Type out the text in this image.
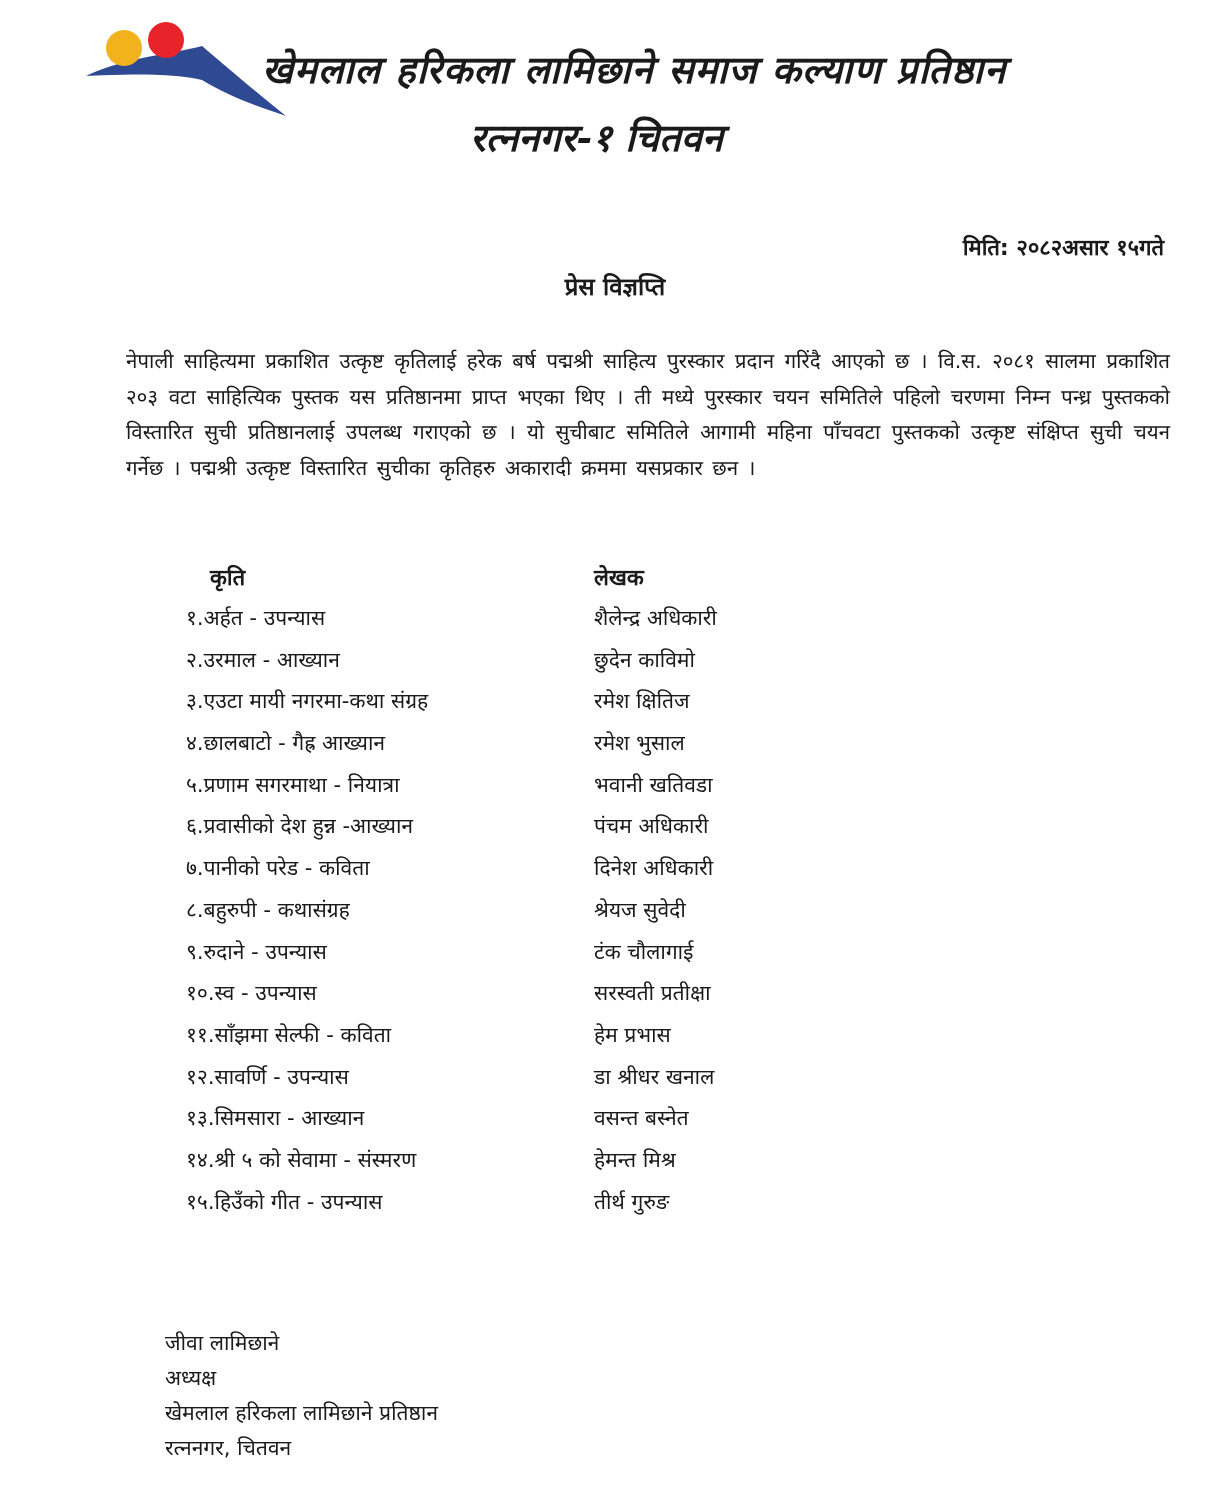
खेमलाल हरिकला लामिछाने समाज कल्याण प्रतिष्ठान
रत्ननगर-१ चितवन
मिति: २०८२असार १५गते
प्रेस विज्ञप्ति
नेपाली साहित्यमा प्रकाशित उत्कृष्ट कृतिलाई हरेक बर्ष पद्मश्री साहित्य पुरस्कार प्रदान गरिंदै आएको छ । वि.स. २०८१ सालमा प्रकाशित २०३ वटा साहित्यिक पुस्तक यस प्रतिष्ठानमा प्राप्त भएका थिए । ती मध्ये पुरस्कार चयन समितिले पहिलो चरणमा निम्न पन्ध्र पुस्तकको विस्तारित सुची प्रतिष्ठानलाई उपलब्ध गराएको छ । यो सुचीबाट समितिले आगामी महिना पाँचवटा पुस्तकको उत्कृष्ट संक्षिप्त सुची चयन गर्नेछ । पद्मश्री उत्कृष्ट विस्तारित सुचीका कृतिहरु अकारादी क्रममा यसप्रकार छन ।
कृति	लेखक
१.अर्हत - उपन्यास	शैलेन्द्र अधिकारी
२.उरमाल - आख्यान	छुदेन काविमो
३.एउटा मायी नगरमा-कथा संग्रह	रमेश क्षितिज
४.छालबाटो - गैह्र आख्यान	रमेश भुसाल
५.प्रणाम सगरमाथा - नियात्रा	भवानी खतिवडा
६.प्रवासीको देश हुन्न -आख्यान	पंचम अधिकारी
७.पानीको परेड - कविता	दिनेश अधिकारी
८.बहुरुपी - कथासंग्रह	श्रेयज सुवेदी
९.रुदाने - उपन्यास	टंक चौलागाई
१०.स्व - उपन्यास	सरस्वती प्रतीक्षा
११.साँझमा सेल्फी - कविता	हेम प्रभास
१२.सावर्णि - उपन्यास	डा श्रीधर खनाल
१३.सिमसारा - आख्यान	वसन्त बस्नेत
१४.श्री ५ को सेवामा - संस्मरण	हेमन्त मिश्र
१५.हिउँको गीत - उपन्यास	तीर्थ गुरुङ
जीवा लामिछाने
अध्यक्ष
खेमलाल हरिकला लामिछाने प्रतिष्ठान
रत्ननगर, चितवन
